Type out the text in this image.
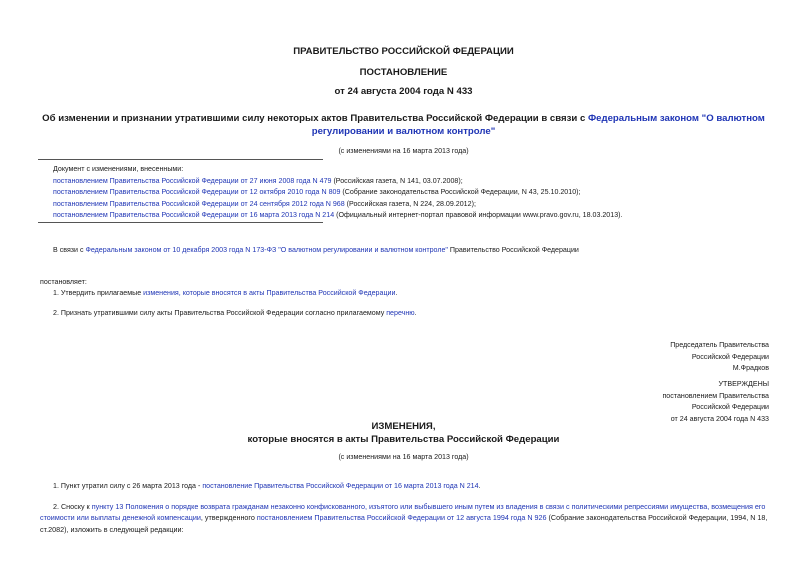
ПРАВИТЕЛЬСТВО РОССИЙСКОЙ ФЕДЕРАЦИИ
ПОСТАНОВЛЕНИЕ
от 24 августа 2004 года N 433
Об изменении и признании утратившими силу некоторых актов Правительства Российской Федерации в связи с Федеральным законом "О валютном
регулировании и валютном контроле"
(с изменениями на 16 марта 2013 года)
Документ с изменениями, внесенными:
постановлением Правительства Российской Федерации от 27 июня 2008 года N 479 (Российская газета, N 141, 03.07.2008);
постановлением Правительства Российской Федерации от 12 октября 2010 года N 809 (Собрание законодательства Российской Федерации, N 43, 25.10.2010);
постановлением Правительства Российской Федерации от 24 сентября 2012 года N 968 (Российская газета, N 224, 28.09.2012);
постановлением Правительства Российской Федерации от 16 марта 2013 года N 214 (Официальный интернет-портал правовой информации www.pravo.gov.ru, 18.03.2013).
В связи с Федеральным законом от 10 декабря 2003 года N 173-ФЗ "О валютном регулировании и валютном контроле" Правительство Российской Федерации
постановляет:
1. Утвердить прилагаемые изменения, которые вносятся в акты Правительства Российской Федерации.
2. Признать утратившими силу акты Правительства Российской Федерации согласно прилагаемому перечню.
Председатель Правительства
Российской Федерации
М.Фрадков
УТВЕРЖДЕНЫ
постановлением Правительства
Российской Федерации
от 24 августа 2004 года N 433
ИЗМЕНЕНИЯ,
которые вносятся в акты Правительства Российской Федерации
(с изменениями на 16 марта 2013 года)
1. Пункт утратил силу с 26 марта 2013 года - постановление Правительства Российской Федерации от 16 марта 2013 года N 214.
2. Сноску к пункту 13 Положения о порядке возврата гражданам незаконно конфискованного, изъятого или выбывшего иным путем из владения в связи с политическими репрессиями имущества, возмещения его стоимости или выплаты денежной компенсации, утвержденного постановлением Правительства Российской Федерации от 12 августа 1994 года N 926 (Собрание законодательства Российской Федерации, 1994, N 18, ст.2082), изложить в следующей редакции:
